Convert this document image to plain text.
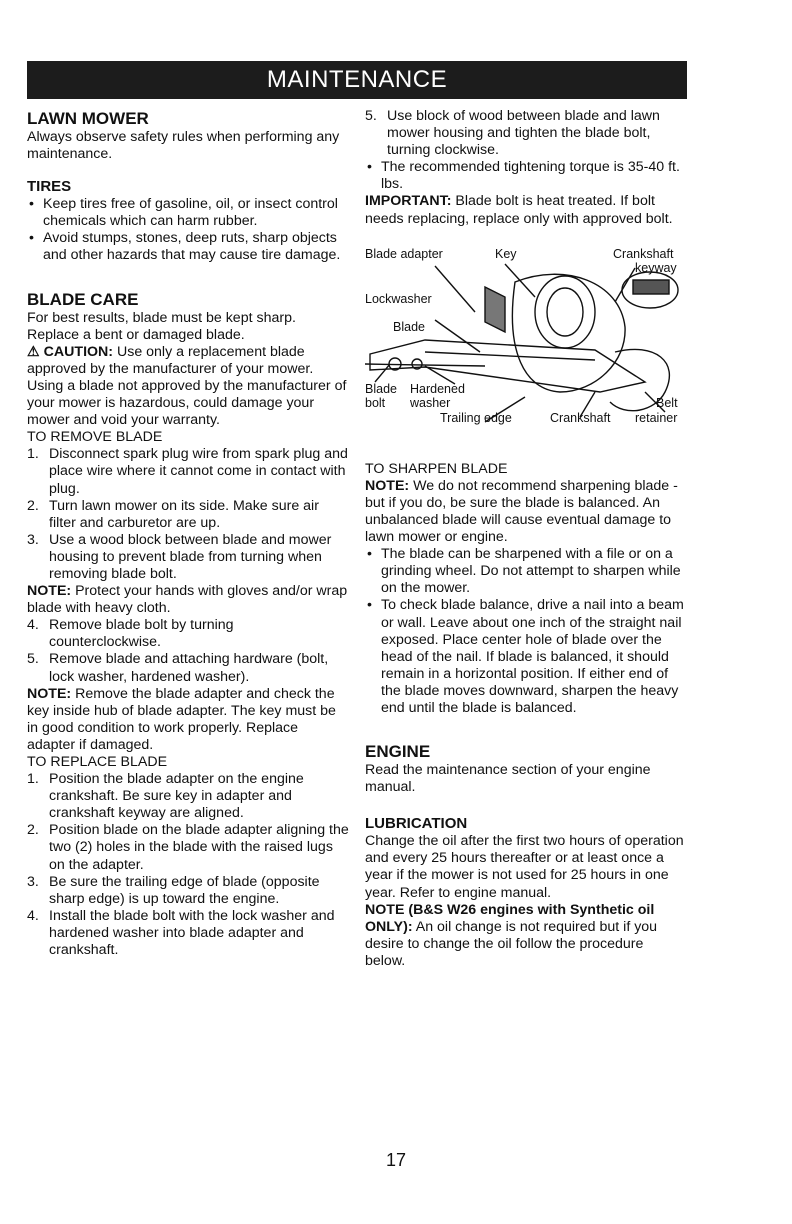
MAINTENANCE

LAWN MOWER

Always observe safety rules when performing any maintenance.

TIRES

• Keep tires free of gasoline, oil, or insect control chemicals which can harm rubber.
• Avoid stumps, stones, deep ruts, sharp objects and other hazards that may cause tire damage.

BLADE CARE

For best results, blade must be kept sharp. Replace a bent or damaged blade.

⚠ CAUTION: Use only a replacement blade approved by the manufacturer of your mower. Using a blade not approved by the manufacturer of your mower is hazardous, could damage your mower and void your warranty.

TO REMOVE BLADE

1. Disconnect spark plug wire from spark plug and place wire where it cannot come in contact with plug.
2. Turn lawn mower on its side. Make sure air filter and carburetor are up.
3. Use a wood block between blade and mower housing to prevent blade from turning when removing blade bolt.

NOTE: Protect your hands with gloves and/or wrap blade with heavy cloth.

4. Remove blade bolt by turning counterclockwise.
5. Remove blade and attaching hardware (bolt, lock washer, hardened washer).

NOTE: Remove the blade adapter and check the key inside hub of blade adapter. The key must be in good condition to work properly. Replace adapter if damaged.

TO REPLACE BLADE

1. Position the blade adapter on the engine crankshaft. Be sure key in adapter and crankshaft keyway are aligned.
2. Position blade on the blade adapter aligning the two (2) holes in the blade with the raised lugs on the adapter.
3. Be sure the trailing edge of blade (opposite sharp edge) is up toward the engine.
4. Install the blade bolt with the lock washer and hardened washer into blade adapter and crankshaft.
5. Use block of wood between blade and lawn mower housing and tighten the blade bolt, turning clockwise.
• The recommended tightening torque is 35-40 ft. lbs.

IMPORTANT: Blade bolt is heat treated. If bolt needs replacing, replace only with approved bolt.

Blade adapter	Key	Crankshaft
keyway
Lockwasher
Blade
Blade
bolt
Hardened
washer
Trailing edge	Crankshaft
Belt
retainer

TO SHARPEN BLADE

NOTE: We do not recommend sharpening blade - but if you do, be sure the blade is balanced. An unbalanced blade will cause eventual damage to lawn mower or engine.

• The blade can be sharpened with a file or on a grinding wheel. Do not attempt to sharpen while on the mower.
• To check blade balance, drive a nail into a beam or wall. Leave about one inch of the straight nail exposed. Place center hole of blade over the head of the nail. If blade is balanced, it should remain in a horizontal position. If either end of the blade moves downward, sharpen the heavy end until the blade is balanced.

ENGINE

Read the maintenance section of your engine manual.

LUBRICATION

Change the oil after the first two hours of operation and every 25 hours thereafter or at least once a year if the mower is not used for 25 hours in one year. Refer to engine manual.

NOTE (B&S W26 engines with Synthetic oil ONLY): An oil change is not required but if you desire to change the oil follow the procedure below.

17
